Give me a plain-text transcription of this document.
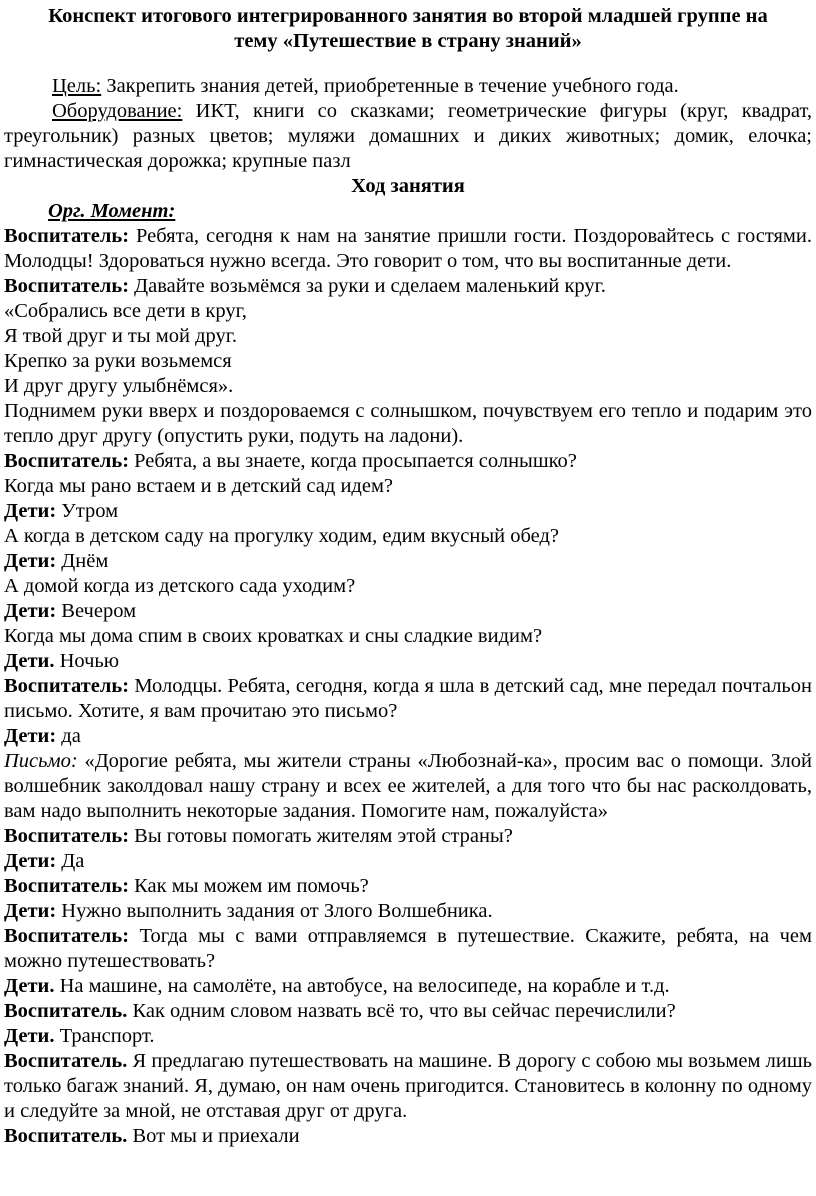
Конспект итогового интегрированного занятия во второй младшей группе на тему «Путешествие в страну знаний»

Цель: Закрепить знания детей, приобретенные в течение учебного года.

Оборудование: ИКТ, книги со сказками; геометрические фигуры (круг, квадрат, треугольник) разных цветов; муляжи домашних и диких животных; домик, елочка; гимнастическая дорожка; крупные пазл

Ход занятия

Орг. Момент:

Воспитатель: Ребята, сегодня к нам на занятие пришли гости. Поздоровайтесь с гостями. Молодцы! Здороваться нужно всегда. Это говорит о том, что вы воспитанные дети.

Воспитатель: Давайте возьмёмся за руки и сделаем маленький круг.

«Собрались все дети в круг,

Я твой друг и ты мой друг.

Крепко за руки возьмемся

И друг другу улыбнёмся».

Поднимем руки вверх и поздороваемся с солнышком, почувствуем его тепло и подарим это тепло друг другу (опустить руки, подуть на ладони).

Воспитатель: Ребята, а вы знаете, когда просыпается солнышко?

Когда мы рано встаем и в детский сад идем?

Дети: Утром

А когда в детском саду на прогулку ходим, едим вкусный обед?

Дети: Днём

А домой когда из детского сада уходим?

Дети: Вечером

Когда мы дома спим в своих кроватках и сны сладкие видим?

Дети. Ночью

Воспитатель: Молодцы. Ребята, сегодня, когда я шла в детский сад, мне передал почтальон письмо. Хотите, я вам прочитаю это письмо?

Дети: да

Письмо: «Дорогие ребята, мы жители страны «Любознай-ка», просим вас о помощи. Злой волшебник заколдовал нашу страну и всех ее жителей, а для того что бы нас расколдовать, вам надо выполнить некоторые задания. Помогите нам, пожалуйста»

Воспитатель: Вы готовы помогать жителям этой страны?

Дети: Да

Воспитатель: Как мы можем им помочь?

Дети: Нужно выполнить задания от Злого Волшебника.

Воспитатель: Тогда мы с вами отправляемся в путешествие. Скажите, ребята, на чем можно путешествовать?

Дети. На машине, на самолёте, на автобусе, на велосипеде, на корабле и т.д.

Воспитатель. Как одним словом назвать всё то, что вы сейчас перечислили?

Дети. Транспорт.

Воспитатель. Я предлагаю путешествовать на машине. В дорогу с собою мы возьмем лишь только багаж знаний. Я, думаю, он нам очень пригодится. Становитесь в колонну по одному и следуйте за мной, не отставая друг от друга.

Воспитатель. Вот мы и приехали
